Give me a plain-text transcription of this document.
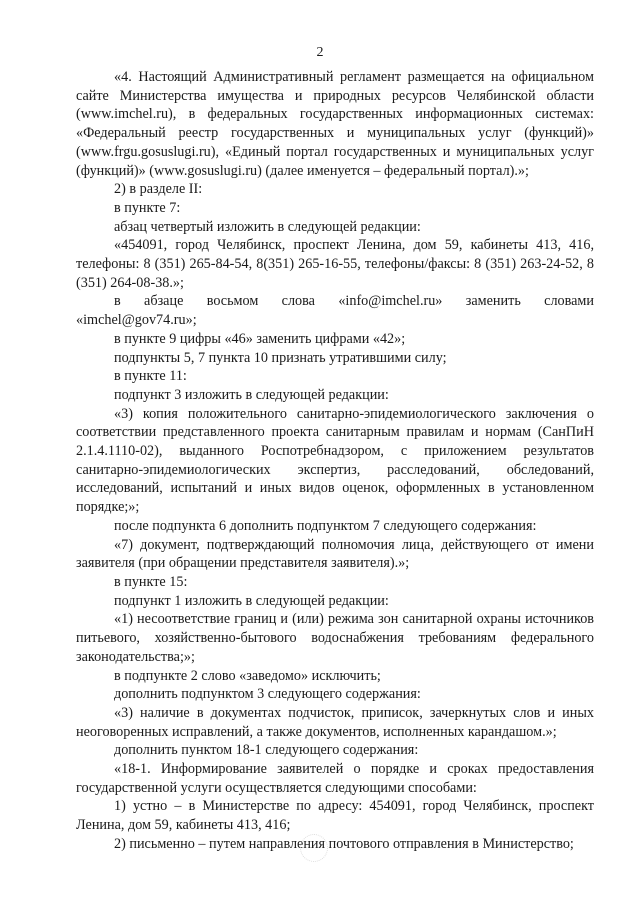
2

«4. Настоящий Административный регламент размещается на официальном сайте Министерства имущества и природных ресурсов Челябинской области (www.imchel.ru), в федеральных государственных информационных системах: «Федеральный реестр государственных и муниципальных услуг (функций)» (www.frgu.gosuslugi.ru), «Единый портал государственных и муниципальных услуг (функций)» (www.gosuslugi.ru) (далее именуется – федеральный портал).»;

2) в разделе II:

в пункте 7:

абзац четвертый изложить в следующей редакции:

«454091, город Челябинск, проспект Ленина, дом 59, кабинеты 413, 416, телефоны: 8 (351) 265-84-54, 8(351) 265-16-55, телефоны/факсы: 8 (351) 263-24-52, 8 (351) 264-08-38.»;

в абзаце восьмом слова «info@imchel.ru» заменить словами «imchel@gov74.ru»;

в пункте 9 цифры «46» заменить цифрами «42»;

подпункты 5, 7 пункта 10 признать утратившими силу;

в пункте 11:

подпункт 3 изложить в следующей редакции:

«3) копия положительного санитарно-эпидемиологического заключения о соответствии представленного проекта санитарным правилам и нормам (СанПиН 2.1.4.1110-02), выданного Роспотребнадзором, с приложением результатов санитарно-эпидемиологических экспертиз, расследований, обследований, исследований, испытаний и иных видов оценок, оформленных в установленном порядке;»;

после подпункта 6 дополнить подпунктом 7 следующего содержания:

«7) документ, подтверждающий полномочия лица, действующего от имени заявителя (при обращении представителя заявителя).»;

в пункте 15:

подпункт 1 изложить в следующей редакции:

«1) несоответствие границ и (или) режима зон санитарной охраны источников питьевого, хозяйственно-бытового водоснабжения требованиям федерального законодательства;»;

в подпункте 2 слово «заведомо» исключить;

дополнить подпунктом 3 следующего содержания:

«3) наличие в документах подчисток, приписок, зачеркнутых слов и иных неоговоренных исправлений, а также документов, исполненных карандашом.»;

дополнить пунктом 18-1 следующего содержания:

«18-1. Информирование заявителей о порядке и сроках предоставления государственной услуги осуществляется следующими способами:

1) устно – в Министерстве по адресу: 454091, город Челябинск, проспект Ленина, дом 59, кабинеты 413, 416;

2) письменно – путем направления почтового отправления в Министерство;
